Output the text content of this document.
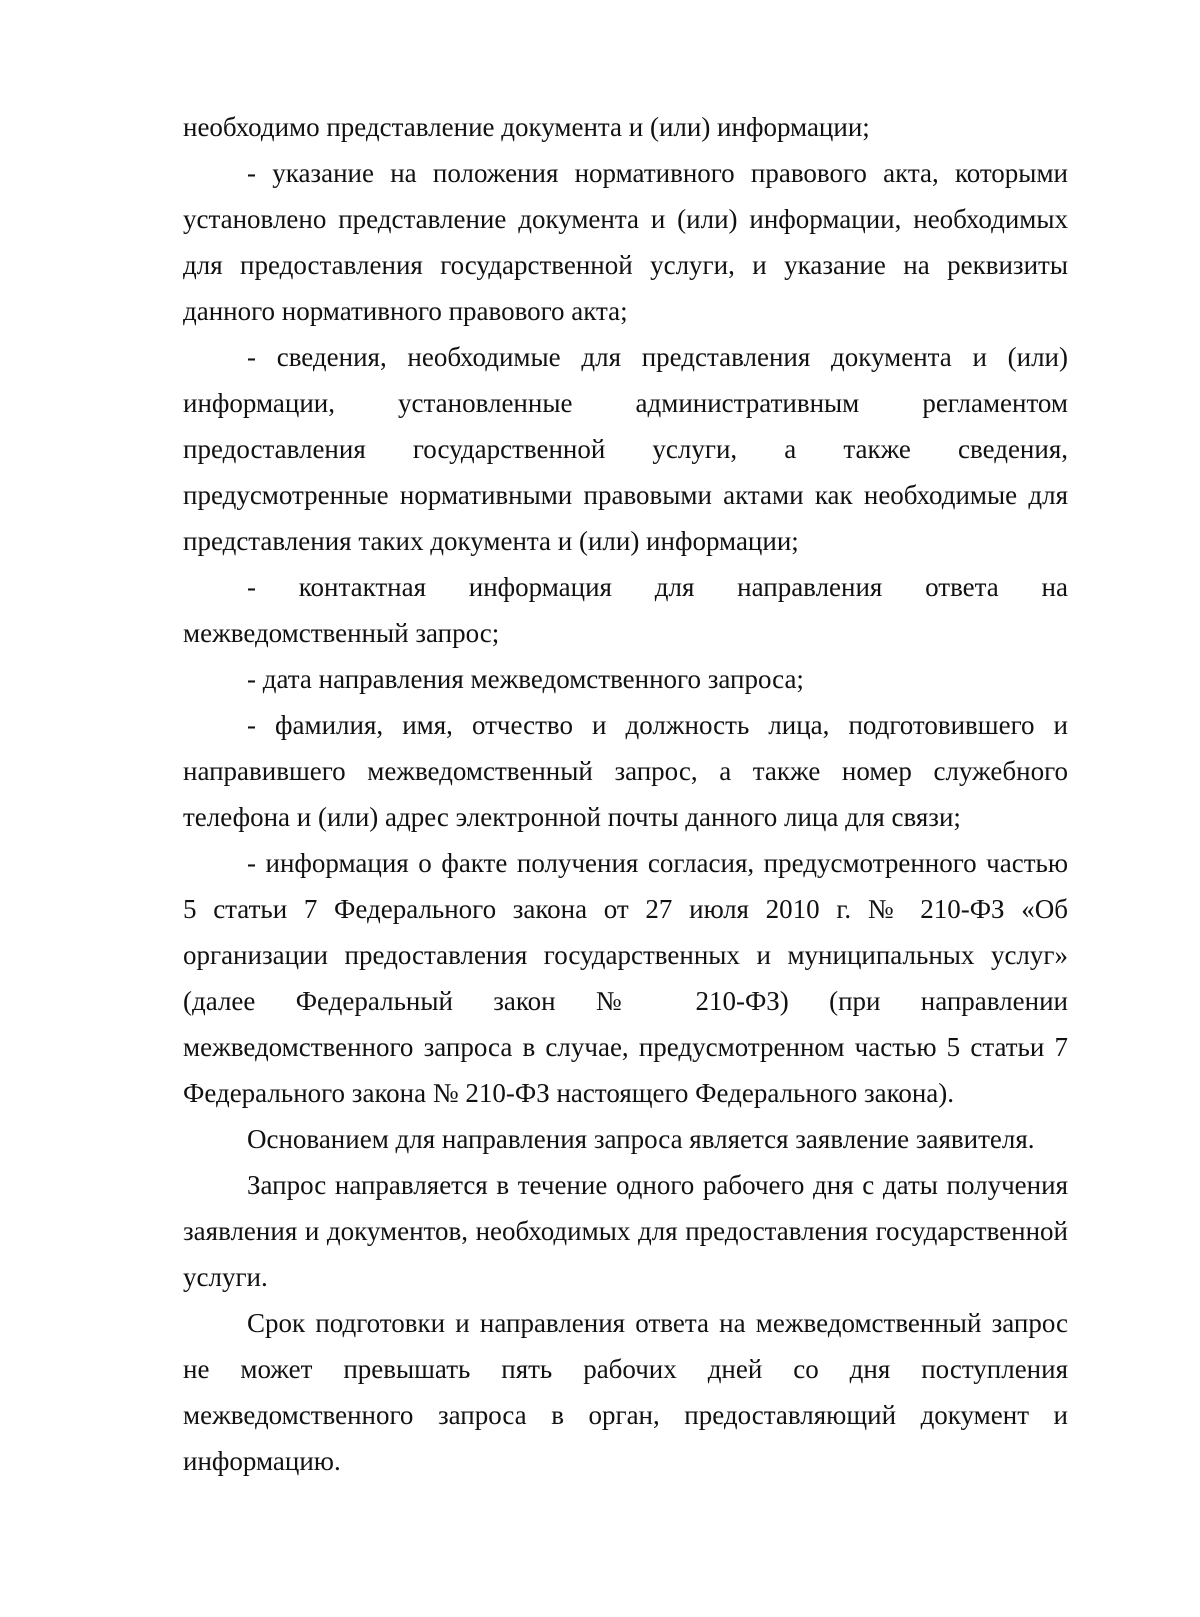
необходимо представление документа и (или) информации;

- указание на положения нормативного правового акта, которыми установлено представление документа и (или) информации, необходимых для предоставления государственной услуги, и указание на реквизиты данного нормативного правового акта;

- сведения, необходимые для представления документа и (или) информации, установленные административным регламентом предоставления государственной услуги, а также сведения, предусмотренные нормативными правовыми актами как необходимые для представления таких документа и (или) информации;

- контактная информация для направления ответа на межведомственный запрос;

- дата направления межведомственного запроса;

- фамилия, имя, отчество и должность лица, подготовившего и направившего межведомственный запрос, а также номер служебного телефона и (или) адрес электронной почты данного лица для связи;

- информация о факте получения согласия, предусмотренного частью 5 статьи 7 Федерального закона от 27 июля 2010 г. № 210-ФЗ «Об организации предоставления государственных и муниципальных услуг» (далее Федеральный закон № 210-ФЗ) (при направлении межведомственного запроса в случае, предусмотренном частью 5 статьи 7 Федерального закона № 210-ФЗ настоящего Федерального закона).

Основанием для направления запроса является заявление заявителя.

Запрос направляется в течение одного рабочего дня с даты получения заявления и документов, необходимых для предоставления государственной услуги.

Срок подготовки и направления ответа на межведомственный запрос не может превышать пять рабочих дней со дня поступления межведомственного запроса в орган, предоставляющий документ и информацию.
